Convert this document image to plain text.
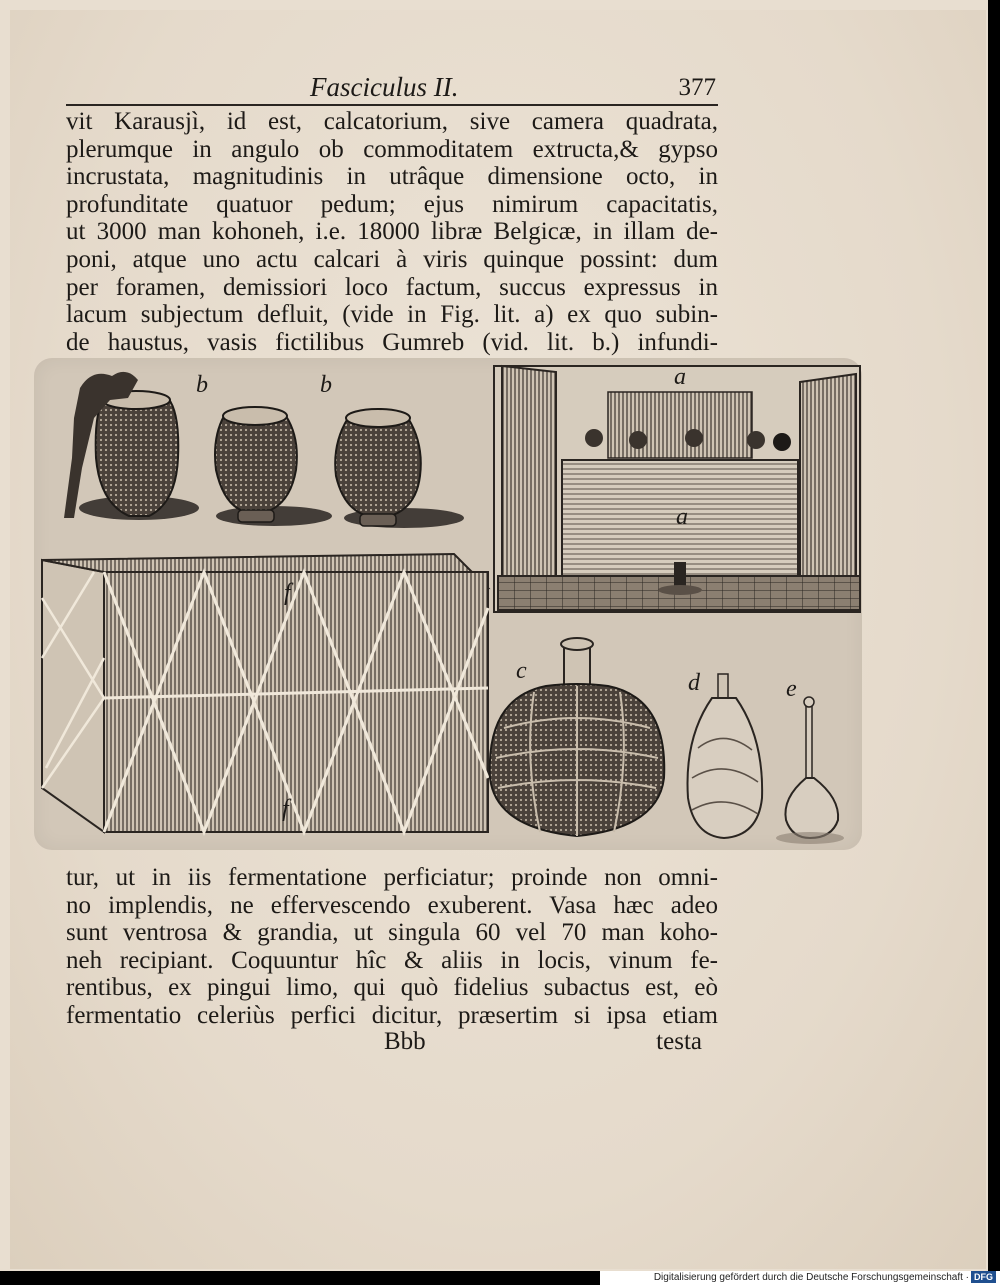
Fasciculus II.	377
vit Karausjì, id est, calcatorium, sive camera quadrata,
plerumque in angulo ob commoditatem extructa,& gypso
incrustata, magnitudinis in utrâque dimensione octo, in
profunditate quatuor pedum; ejus nimirum capacitatis,
ut 3000 man kohoneh, i.e. 18000 libræ Belgicæ, in illam de-
poni, atque uno actu calcari à viris quinque possint: dum
per foramen, demissiori loco factum, succus expressus in
lacum subjectum defluit, (vide in Fig. lit. a) ex quo subin-
de haustus, vasis fictilibus Gumreb (vid. lit. b.) infundi-
b	b	a
a
c	d	e
f
f
tur, ut in iis fermentatione perficiatur; proinde non omni-
no implendis, ne effervescendo exuberent. Vasa hæc adeo
sunt ventrosa & grandia, ut singula 60 vel 70 man koho-
neh recipiant. Coquuntur hîc & aliis in locis, vinum fe-
rentibus, ex pingui limo, qui quò fidelius subactus est, eò
fermentatio celeriùs perfici dicitur, præsertim si ipsa etiam
Bbb	testa
Digitalisierung gefördert durch die Deutsche Forschungsgemeinschaft · DFG
